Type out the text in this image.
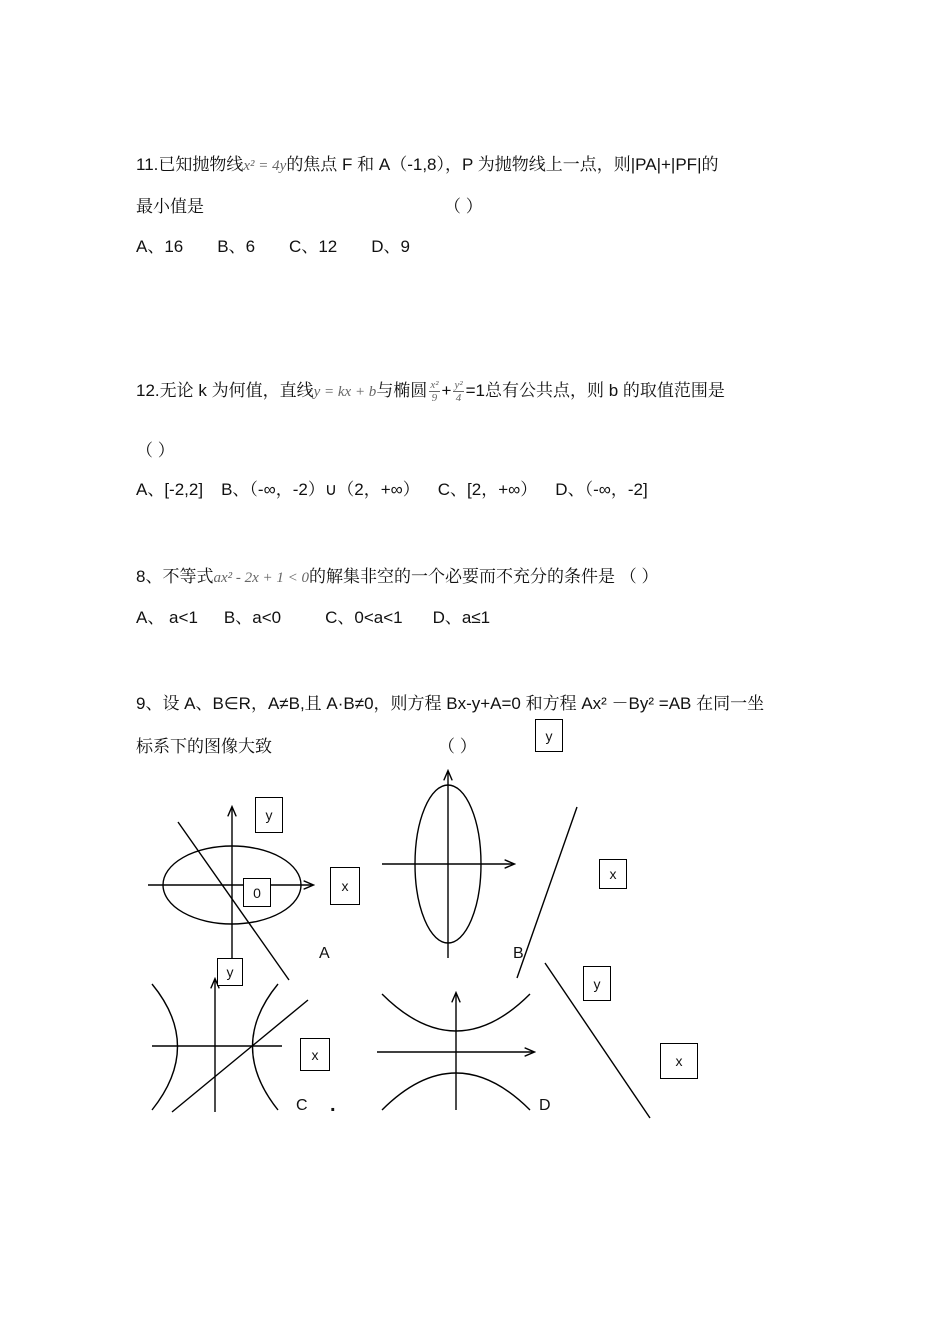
11.已知抛物线x² = 4y的焦点 F 和 A（-1,8），P 为抛物线上一点，则|PA|+|PF|的
最小值是	（ ）
A、16 B、6 C、12 D、9
12.无论 k 为何值，直线y = kx + b与椭圆 $\frac{\text{x²}}{9} + \frac{\text{y²}}{4} =1$总有公共点，则 b 的取值范围是
（ ）
A、[-2,2] B、（-∞，-2）∪（2，+∞） C、[2，+∞） D、（-∞，-2]
8、不等式ax² - 2x + 1 < 0的解集非空的一个必要而不充分的条件是 （ ）
A、 a<1 B、a<0	C、0<a<1 D、a≤1
9、设 A、B∈R，A≠B,且 A·B≠0，则方程 Bx-y+A=0 和方程 Ax² －By² =AB 在同一坐
标系下的图像大致	（ ）
y
y
x
0
x
y
y
x	x
A	B
C .	D
